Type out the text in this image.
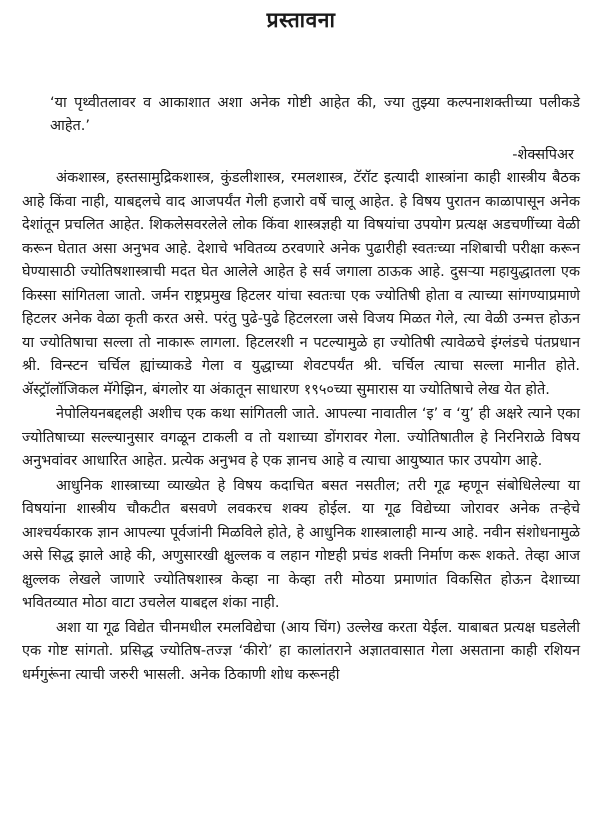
प्रस्तावना
‘या पृथ्वीतलावर व आकाशात अशा अनेक गोष्टी आहेत की, ज्या तुझ्या कल्पनाशक्तीच्या पलीकडे आहेत.’
-शेक्सपिअर

अंकशास्त्र, हस्तसामुद्रिकशास्त्र, कुंडलीशास्त्र, रमलशास्त्र, टॅरॉट इत्यादी शास्त्रांना काही शास्त्रीय बैठक आहे किंवा नाही, याबद्दलचे वाद आजपर्यंत गेली हजारो वर्षे चालू आहेत. हे विषय पुरातन काळापासून अनेक देशांतून प्रचलित आहेत. शिकलेसवरलेले लोक किंवा शास्त्रज्ञही या विषयांचा उपयोग प्रत्यक्ष अडचणींच्या वेळी करून घेतात असा अनुभव आहे. देशाचे भवितव्य ठरवणारे अनेक पुढारीही स्वतःच्या नशिबाची परीक्षा करून घेण्यासाठी ज्योतिषशास्त्राची मदत घेत आलेले आहेत हे सर्व जगाला ठाऊक आहे. दुसऱ्या महायुद्धातला एक किस्सा सांगितला जातो. जर्मन राष्ट्रप्रमुख हिटलर यांचा स्वतःचा एक ज्योतिषी होता व त्याच्या सांगण्याप्रमाणे हिटलर अनेक वेळा कृती करत असे. परंतु पुढे-पुढे हिटलरला जसे विजय मिळत गेले, त्या वेळी उन्मत्त होऊन या ज्योतिषाचा सल्ला तो नाकारू लागला. हिटलरशी न पटल्यामुळे हा ज्योतिषी त्यावेळचे इंग्लंडचे पंतप्रधान श्री. विन्स्टन चर्चिल ह्यांच्याकडे गेला व युद्धाच्या शेवटपर्यंत श्री. चर्चिल त्याचा सल्ला मानीत होते. ॲस्ट्रॉलॉजिकल मॅगेझिन, बंगलोर या अंकातून साधारण १९५०च्या सुमारास या ज्योतिषाचे लेख येत होते.

नेपोलियनबद्दलही अशीच एक कथा सांगितली जाते. आपल्या नावातील ‘इ’ व ‘यु’ ही अक्षरे त्याने एका ज्योतिषाच्या सल्ल्यानुसार वगळून टाकली व तो यशाच्या डोंगरावर गेला. ज्योतिषातील हे निरनिराळे विषय अनुभवांवर आधारित आहेत. प्रत्येक अनुभव हे एक ज्ञानच आहे व त्याचा आयुष्यात फार उपयोग आहे.

आधुनिक शास्त्राच्या व्याख्येत हे विषय कदाचित बसत नसतील; तरी गूढ म्हणून संबोधिलेल्या या विषयांना शास्त्रीय चौकटीत बसवणे लवकरच शक्य होईल. या गूढ विद्येच्या जोरावर अनेक तऱ्हेचे आश्चर्यकारक ज्ञान आपल्या पूर्वजांनी मिळविले होते, हे आधुनिक शास्त्रालाही मान्य आहे. नवीन संशोधनामुळे असे सिद्ध झाले आहे की, अणुसारखी क्षुल्लक व लहान गोष्टही प्रचंड शक्ती निर्माण करू शकते. तेव्हा आज क्षुल्लक लेखले जाणारे ज्योतिषशास्त्र केव्हा ना केव्हा तरी मोठया प्रमाणांत विकसित होऊन देशाच्या भवितव्यात मोठा वाटा उचलेल याबद्दल शंका नाही.

अशा या गूढ विद्येत चीनमधील रमलविद्येचा (आय चिंग) उल्लेख करता येईल. याबाबत प्रत्यक्ष घडलेली एक गोष्ट सांगतो. प्रसिद्ध ज्योतिष-तज्ज्ञ ‘कीरो’ हा कालांतराने अज्ञातवासात गेला असताना काही रशियन धर्मगुरूंना त्याची जरुरी भासली. अनेक ठिकाणी शोध करूनही
